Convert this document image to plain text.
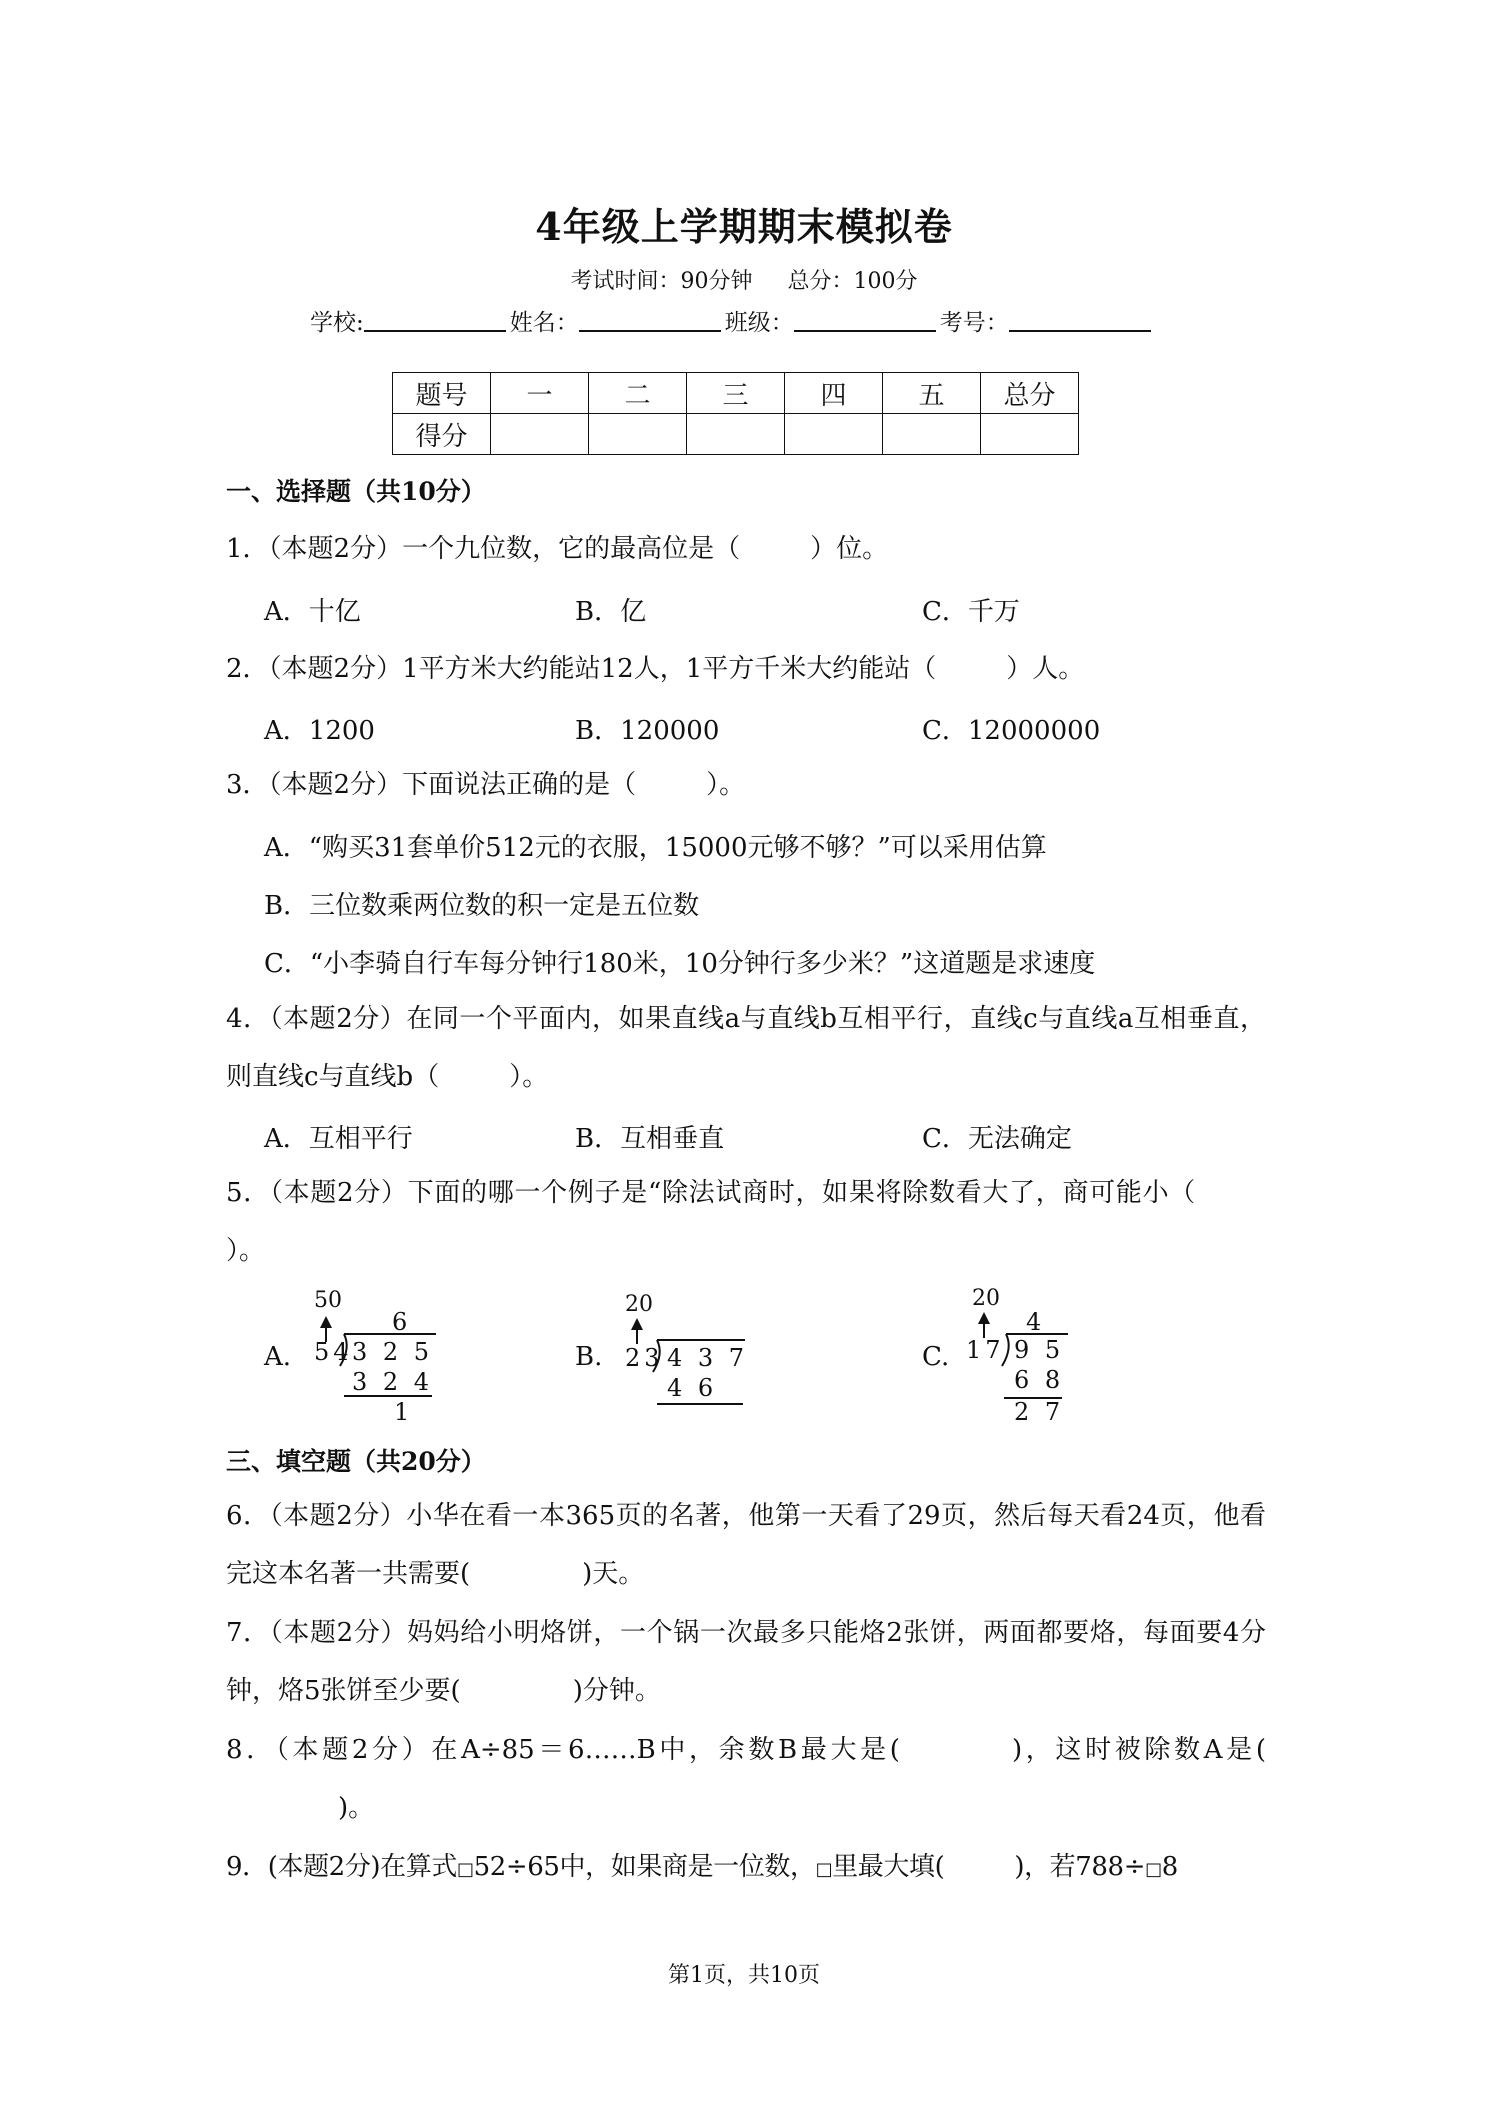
4年级上学期期末模拟卷
考试时间：90分钟 总分：100分
学校:	姓名：	班级：	考号：
题号	一	二	三	四	五	总分
得分						
一、选择题（共10分）
1．（本题2分）一个九位数，它的最高位是（	）位。
A．十亿	B．亿	C．千万
2．（本题2分）1平方米大约能站12人，1平方千米大约能站（	）人。
A．1200	B．120000	C．12000000
3．（本题2分）下面说法正确的是（	）。
A．“购买31套单价512元的衣服，15000元够不够？”可以采用估算
B．三位数乘两位数的积一定是五位数
C．“小李骑自行车每分钟行180米，10分钟行多少米？”这道题是求速度
4．（本题2分）在同一个平面内，如果直线a与直线b互相平行，直线c与直线a互相垂直，则直线c与直线b（	）。
A．互相平行	B．互相垂直	C．无法确定
5．（本题2分）下面的哪一个例子是“除法试商时，如果将除数看大了，商可能小（）。
A.
50
6
54 3 2 5
3 2 4
1
B.
20
23 4 3 7
4 6
C.
20
4
17 9 5
6 8
2 7
三、填空题（共20分）
6．（本题2分）小华在看一本365页的名著，他第一天看了29页，然后每天看24页，他看完这本名著一共需要(	)天。
7．（本题2分）妈妈给小明烙饼，一个锅一次最多只能烙2张饼，两面都要烙，每面要4分钟，烙5张饼至少要(	)分钟。
8．（本题2分）在A÷85＝6……B中，余数B最大是(	)，这时被除数A是()。
9．(本题2分)在算式□52÷65中，如果商是一位数，□里最大填(	)，若788÷□8
第1页，共10页
